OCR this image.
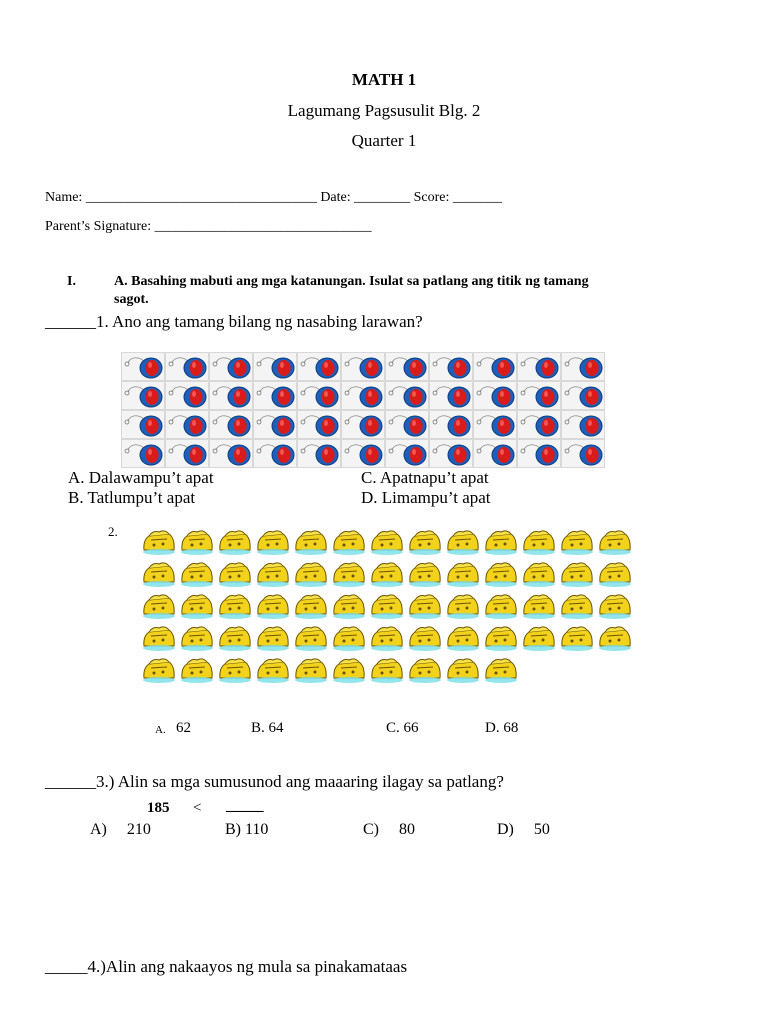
MATH 1
Lagumang Pagsusulit Blg. 2
Quarter 1
Name: _________________________________ Date: ________ Score: _______
Parent’s Signature: _______________________________
I.	A. Basahing mabuti ang mga katanungan. Isulat sa patlang ang titik ng tamang
sagot.
______1. Ano ang tamang bilang ng nasabing larawan?
A. Dalawampu’t apat	C. Apatnapu’t apat
B. Tatlumpu’t apat	D. Limampu’t apat
2.
A. 62	B. 64	C. 66	D. 68
______3.) Alin sa mga sumusunod ang maaaring ilagay sa patlang?
185 < _____
A)     210	B) 110	C)     80	D)     50
_____4.)Alin ang nakaayos ng mula sa pinakamataas
